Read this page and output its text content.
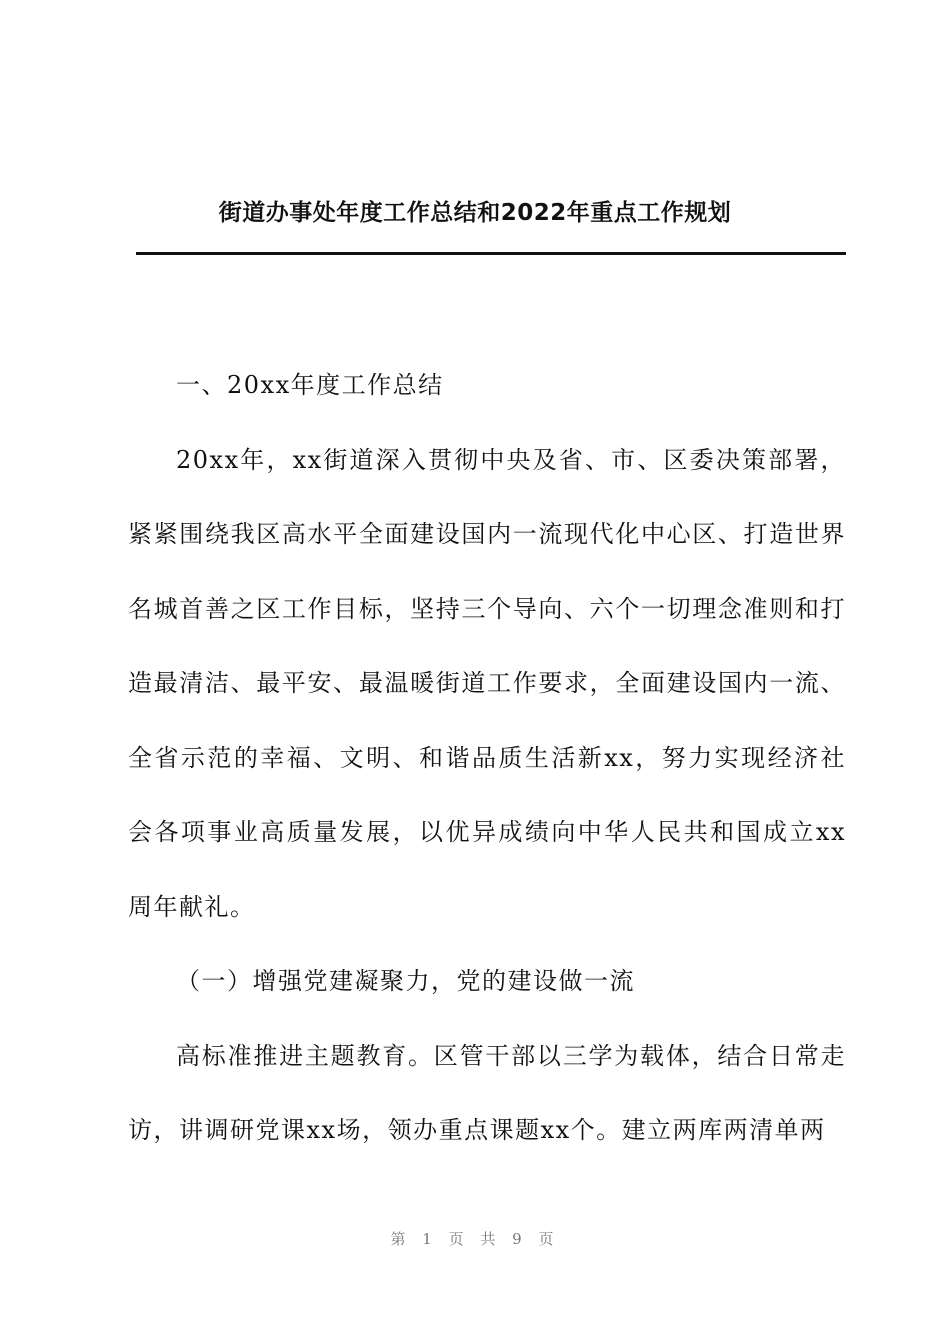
街道办事处年度工作总结和2022年重点工作规划

一、20xx年度工作总结

20xx年，xx街道深入贯彻中央及省、市、区委决策部署，紧紧围绕我区高水平全面建设国内一流现代化中心区、打造世界名城首善之区工作目标，坚持三个导向、六个一切理念准则和打造最清洁、最平安、最温暖街道工作要求，全面建设国内一流、全省示范的幸福、文明、和谐品质生活新xx，努力实现经济社会各项事业高质量发展，以优异成绩向中华人民共和国成立xx周年献礼。

（一）增强党建凝聚力，党的建设做一流

高标准推进主题教育。区管干部以三学为载体，结合日常走访，讲调研党课xx场，领办重点课题xx个。建立两库两清单两

第 1 页 共 9 页
